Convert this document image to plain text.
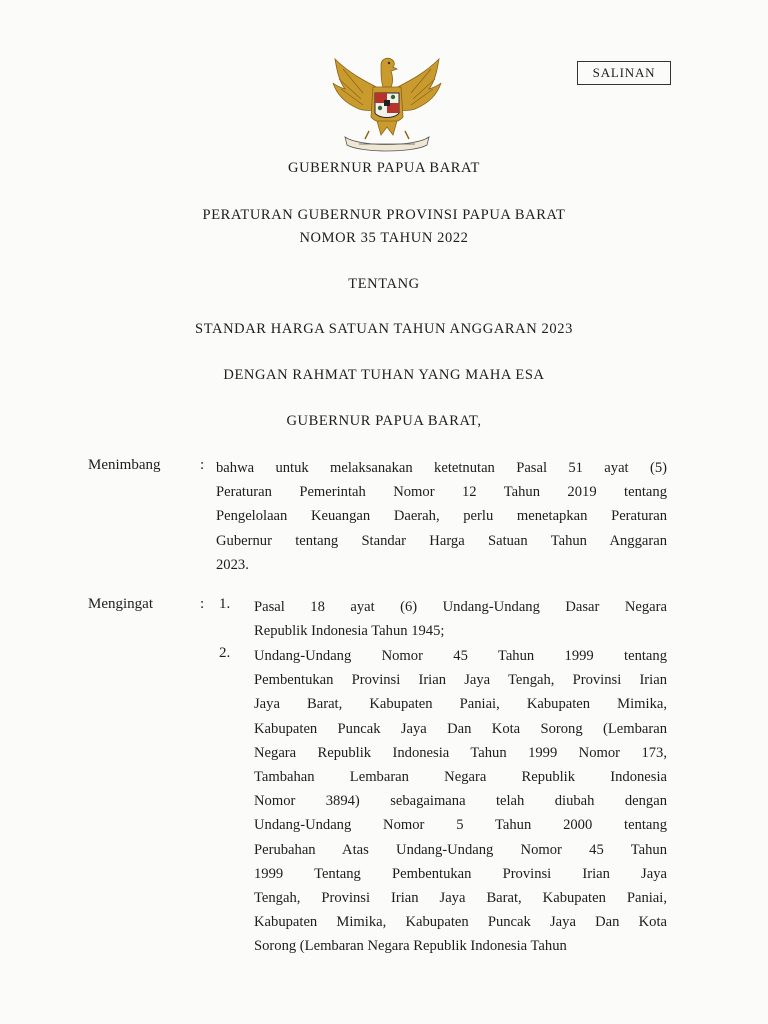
SALINAN
GUBERNUR PAPUA BARAT
PERATURAN GUBERNUR PROVINSI PAPUA BARAT
NOMOR 35 TAHUN 2022
TENTANG
STANDAR HARGA SATUAN TAHUN ANGGARAN 2023
DENGAN RAHMAT TUHAN YANG MAHA ESA
GUBERNUR PAPUA BARAT,
Menimbang	: bahwa untuk melaksanakan ketetnutan Pasal 51 ayat (5)
Peraturan Pemerintah Nomor 12 Tahun 2019 tentang
Pengelolaan Keuangan Daerah, perlu menetapkan Peraturan
Gubernur tentang Standar Harga Satuan Tahun Anggaran
2023.
Mengingat	: 1. Pasal 18 ayat (6) Undang-Undang Dasar Negara
Republik Indonesia Tahun 1945;
2. Undang-Undang Nomor 45 Tahun 1999 tentang
Pembentukan Provinsi Irian Jaya Tengah, Provinsi Irian
Jaya Barat, Kabupaten Paniai, Kabupaten Mimika,
Kabupaten Puncak Jaya Dan Kota Sorong (Lembaran
Negara Republik Indonesia Tahun 1999 Nomor 173,
Tambahan Lembaran Negara Republik Indonesia
Nomor 3894) sebagaimana telah diubah dengan
Undang-Undang Nomor 5 Tahun 2000 tentang
Perubahan Atas Undang-Undang Nomor 45 Tahun
1999 Tentang Pembentukan Provinsi Irian Jaya
Tengah, Provinsi Irian Jaya Barat, Kabupaten Paniai,
Kabupaten Mimika, Kabupaten Puncak Jaya Dan Kota
Sorong (Lembaran Negara Republik Indonesia Tahun
